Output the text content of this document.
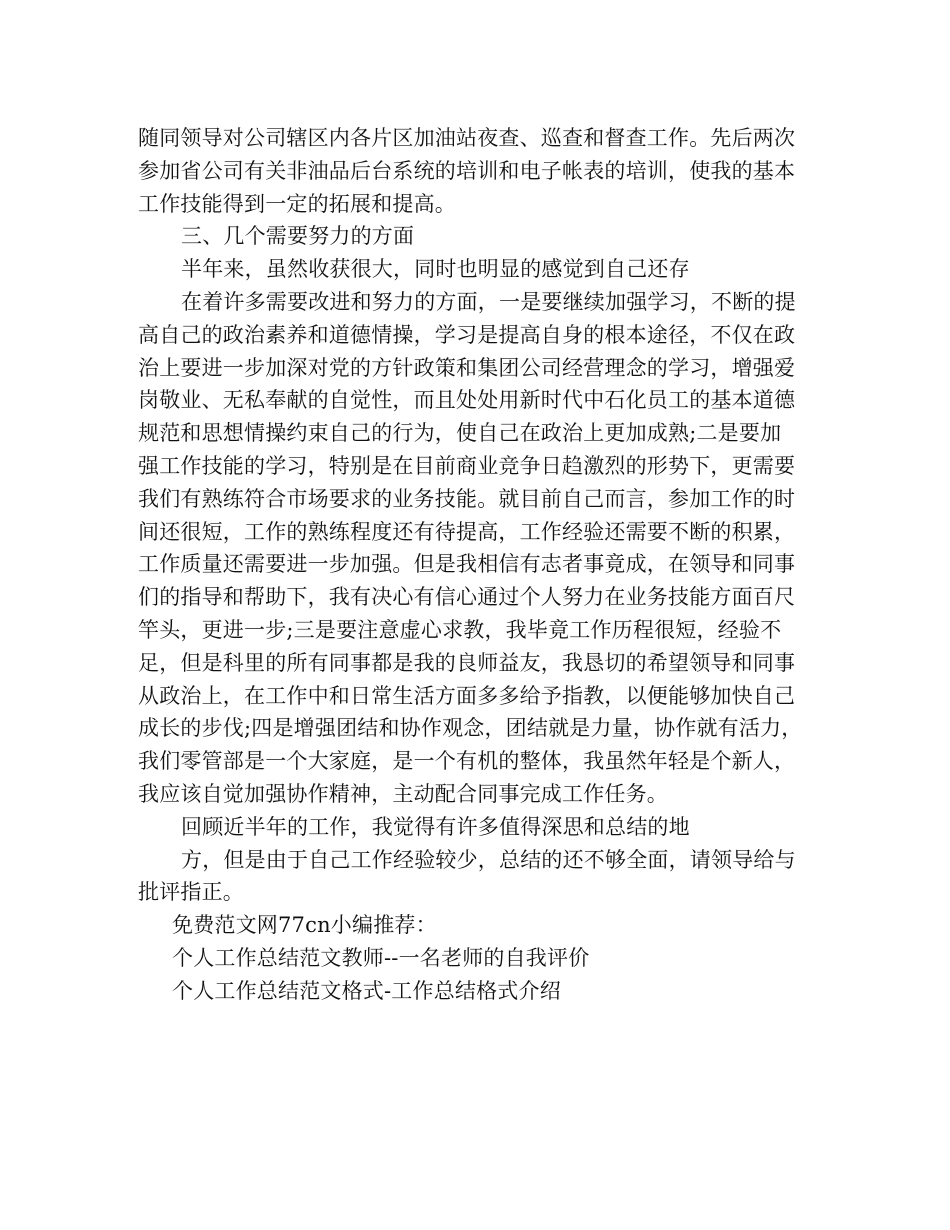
随同领导对公司辖区内各片区加油站夜查、巡查和督查工作。先后两次
参加省公司有关非油品后台系统的培训和电子帐表的培训，使我的基本
工作技能得到一定的拓展和提高。
三、几个需要努力的方面
半年来，虽然收获很大，同时也明显的感觉到自己还存
在着许多需要改进和努力的方面，一是要继续加强学习，不断的提
高自己的政治素养和道德情操，学习是提高自身的根本途径，不仅在政
治上要进一步加深对党的方针政策和集团公司经营理念的学习，增强爱
岗敬业、无私奉献的自觉性，而且处处用新时代中石化员工的基本道德
规范和思想情操约束自己的行为，使自己在政治上更加成熟;二是要加
强工作技能的学习，特别是在目前商业竞争日趋激烈的形势下，更需要
我们有熟练符合市场要求的业务技能。就目前自己而言，参加工作的时
间还很短，工作的熟练程度还有待提高，工作经验还需要不断的积累，
工作质量还需要进一步加强。但是我相信有志者事竟成，在领导和同事
们的指导和帮助下，我有决心有信心通过个人努力在业务技能方面百尺
竿头，更进一步;三是要注意虚心求教，我毕竟工作历程很短，经验不
足，但是科里的所有同事都是我的良师益友，我恳切的希望领导和同事
从政治上，在工作中和日常生活方面多多给予指教，以便能够加快自己
成长的步伐;四是增强团结和协作观念，团结就是力量，协作就有活力，
我们零管部是一个大家庭，是一个有机的整体，我虽然年轻是个新人，
我应该自觉加强协作精神，主动配合同事完成工作任务。
回顾近半年的工作，我觉得有许多值得深思和总结的地
方，但是由于自己工作经验较少，总结的还不够全面，请领导给与
批评指正。
免费范文网77cn小编推荐：
个人工作总结范文教师--一名老师的自我评价
个人工作总结范文格式-工作总结格式介绍
